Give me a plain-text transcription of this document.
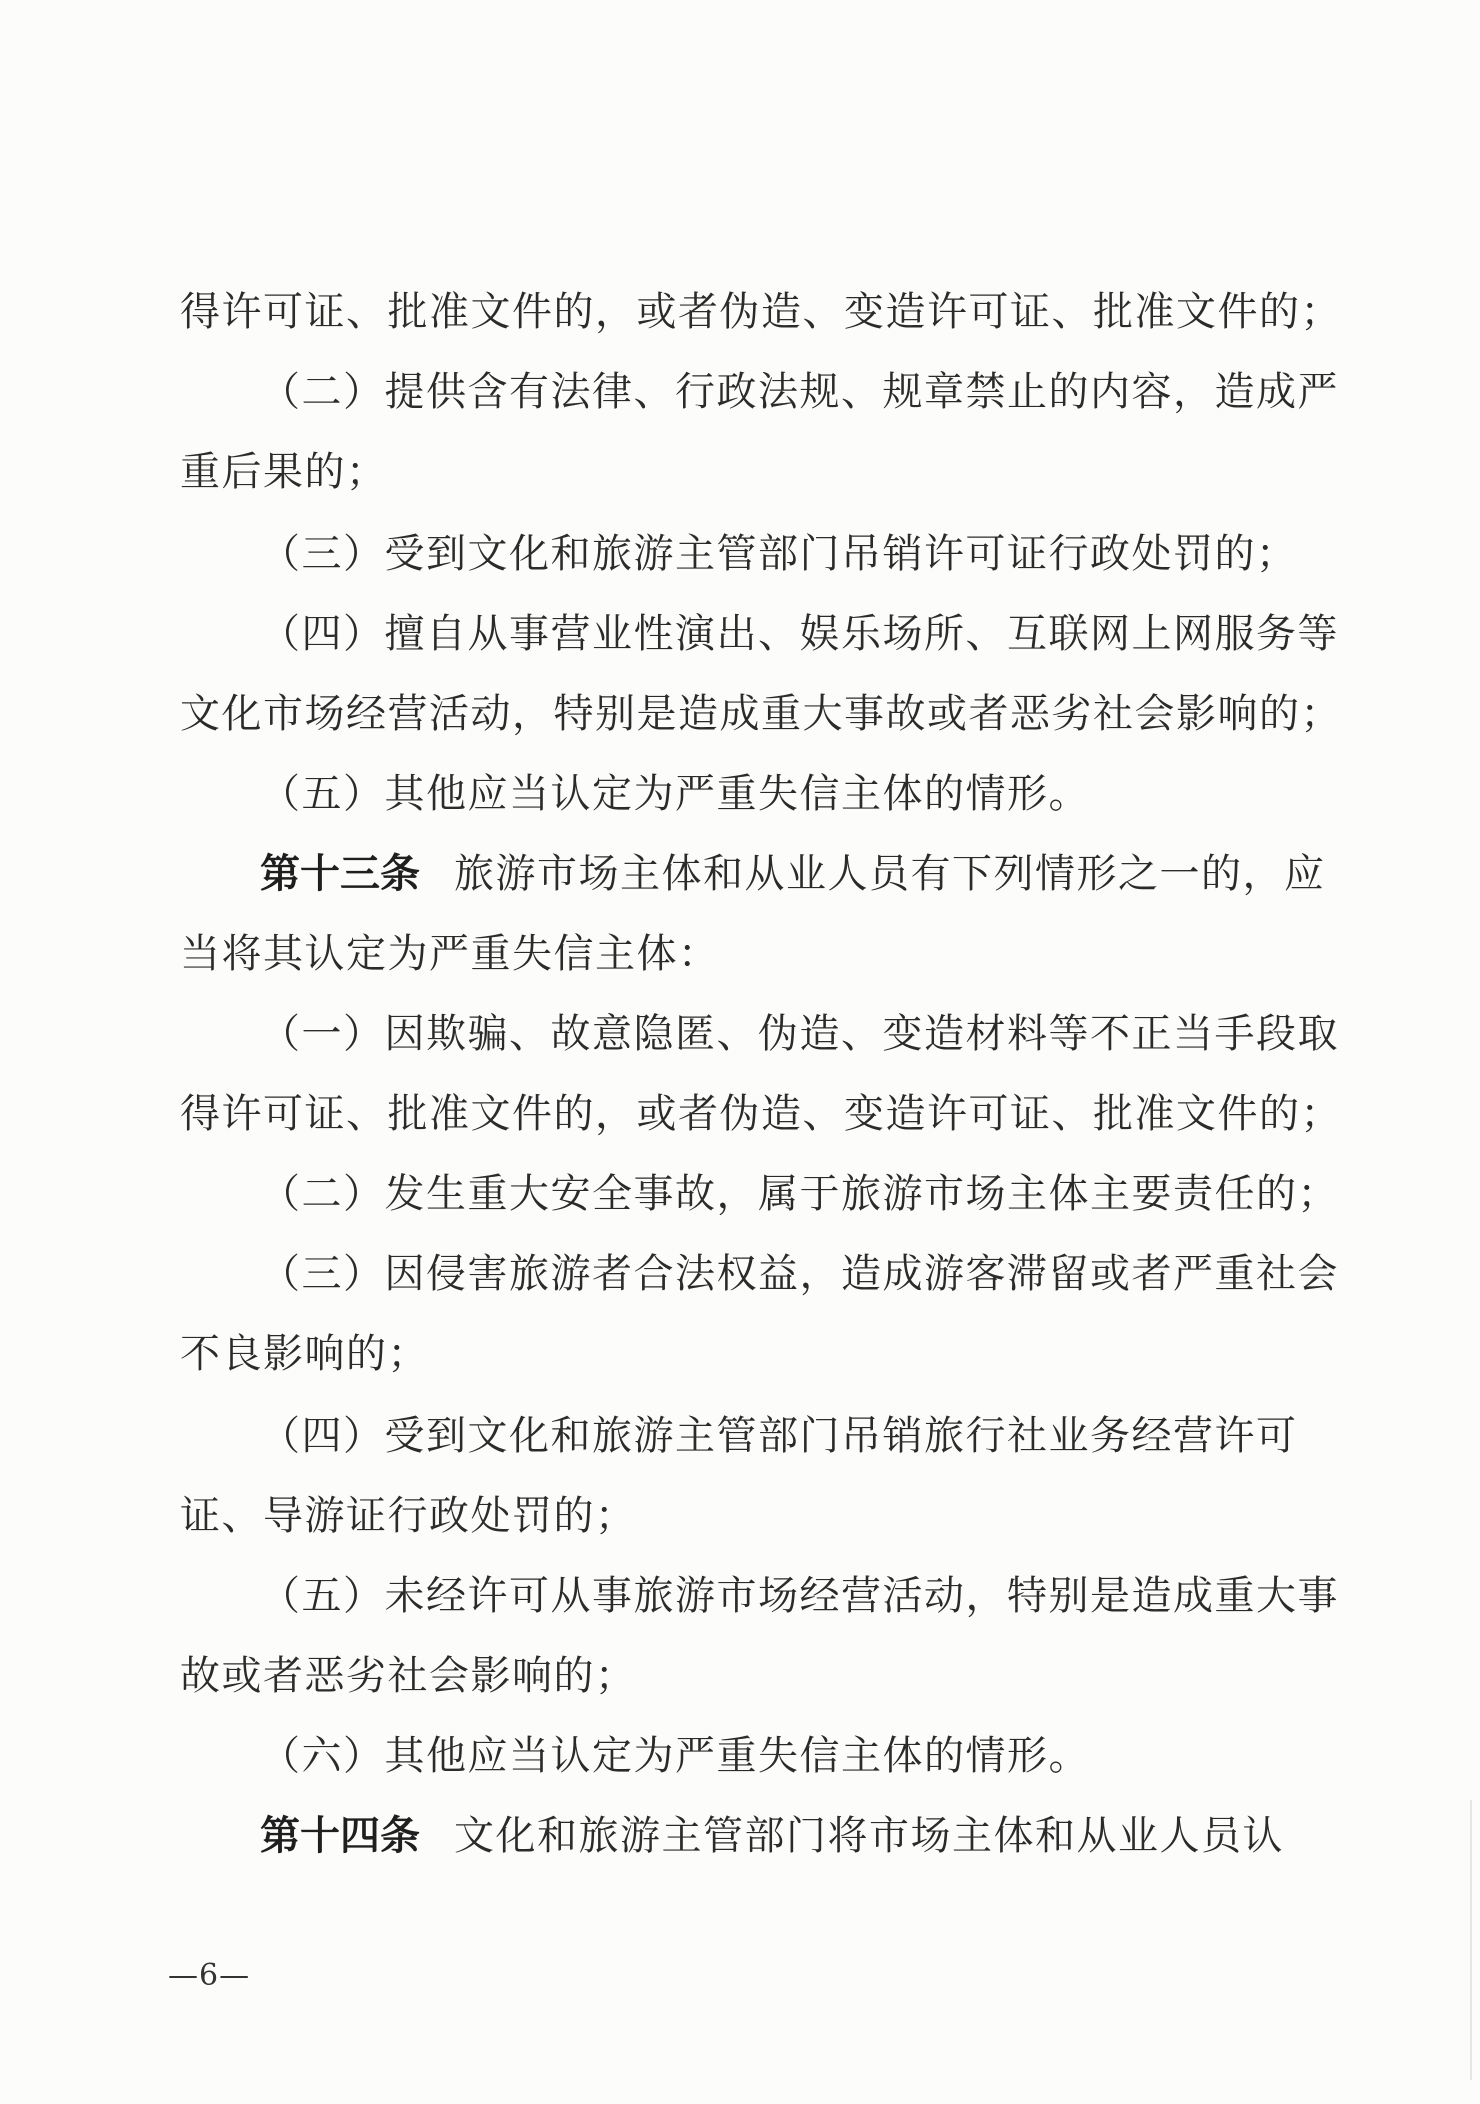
得许可证、批准文件的，或者伪造、变造许可证、批准文件的；
（二）提供含有法律、行政法规、规章禁止的内容，造成严
重后果的；
（三）受到文化和旅游主管部门吊销许可证行政处罚的；
（四）擅自从事营业性演出、娱乐场所、互联网上网服务等
文化市场经营活动，特别是造成重大事故或者恶劣社会影响的；
（五）其他应当认定为严重失信主体的情形。
第十三条 旅游市场主体和从业人员有下列情形之一的，应
当将其认定为严重失信主体：
（一）因欺骗、故意隐匿、伪造、变造材料等不正当手段取
得许可证、批准文件的，或者伪造、变造许可证、批准文件的；
（二）发生重大安全事故，属于旅游市场主体主要责任的；
（三）因侵害旅游者合法权益，造成游客滞留或者严重社会
不良影响的；
（四）受到文化和旅游主管部门吊销旅行社业务经营许可
证、导游证行政处罚的；
（五）未经许可从事旅游市场经营活动，特别是造成重大事
故或者恶劣社会影响的；
（六）其他应当认定为严重失信主体的情形。
第十四条 文化和旅游主管部门将市场主体和从业人员认
—6—
